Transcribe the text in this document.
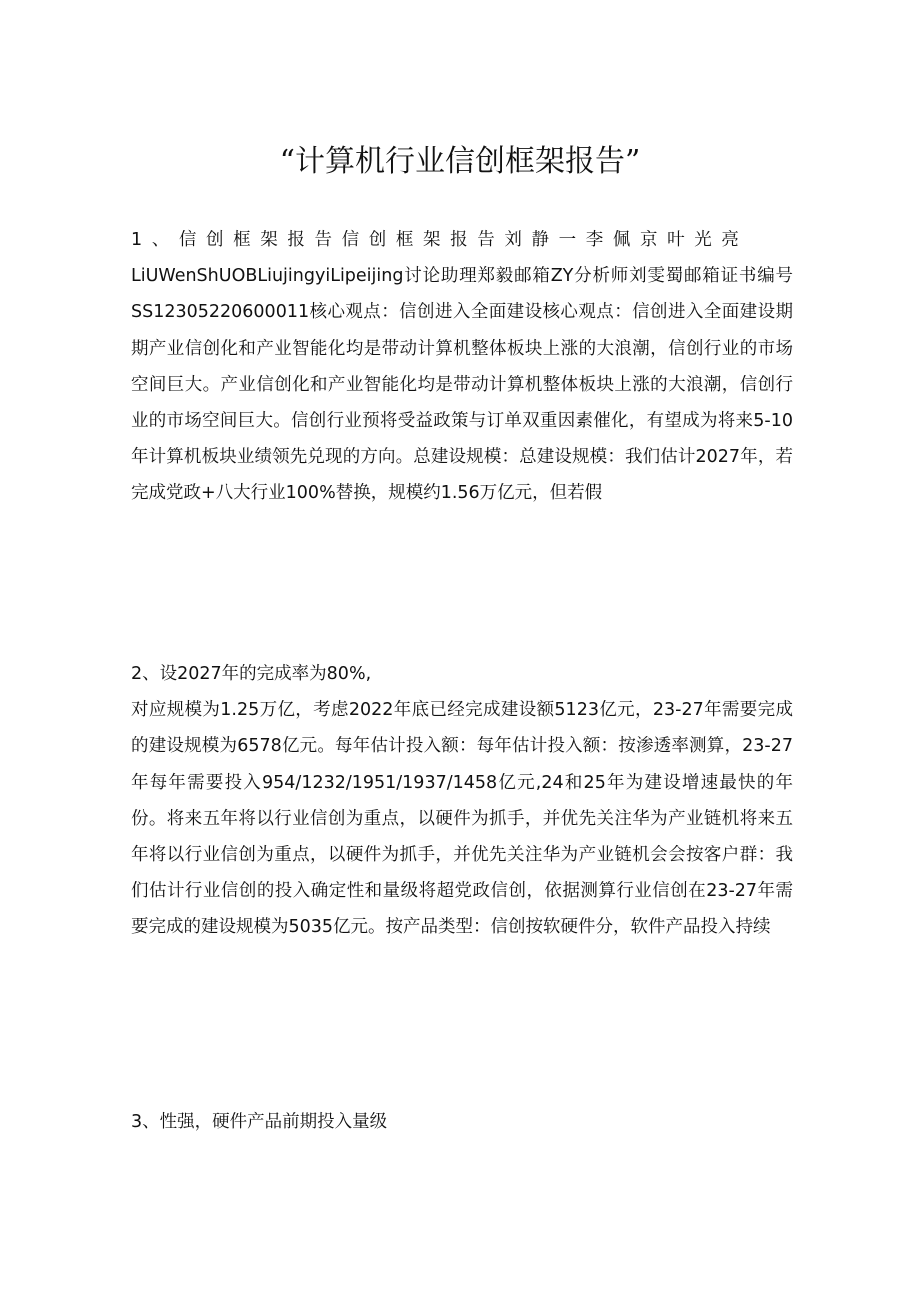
“计算机行业信创框架报告”
1、信创框架报告信创框架报告刘静一李佩京叶光亮
LiUWenShUOBLiujingyiLipeijing讨论助理郑毅邮箱ZY分析师刘雯蜀邮箱证书编号SS12305220600011核心观点：信创进入全面建设核心观点：信创进入全面建设期期产业信创化和产业智能化均是带动计算机整体板块上涨的大浪潮，信创行业的市场空间巨大。产业信创化和产业智能化均是带动计算机整体板块上涨的大浪潮，信创行业的市场空间巨大。信创行业预将受益政策与订单双重因素催化，有望成为将来5-10年计算机板块业绩领先兑现的方向。总建设规模：总建设规模：我们估计2027年，若完成党政+八大行业100%替换，规模约1.56万亿元，但若假
2、设2027年的完成率为80%,
对应规模为1.25万亿，考虑2022年底已经完成建设额5123亿元，23-27年需要完成的建设规模为6578亿元。每年估计投入额：每年估计投入额：按渗透率测算，23-27年每年需要投入954/1232/1951/1937/1458亿元,24和25年为建设增速最快的年份。将来五年将以行业信创为重点，以硬件为抓手，并优先关注华为产业链机将来五年将以行业信创为重点，以硬件为抓手，并优先关注华为产业链机会会按客户群：我们估计行业信创的投入确定性和量级将超党政信创，依据测算行业信创在23-27年需要完成的建设规模为5035亿元。按产品类型：信创按软硬件分，软件产品投入持续
3、性强，硬件产品前期投入量级
